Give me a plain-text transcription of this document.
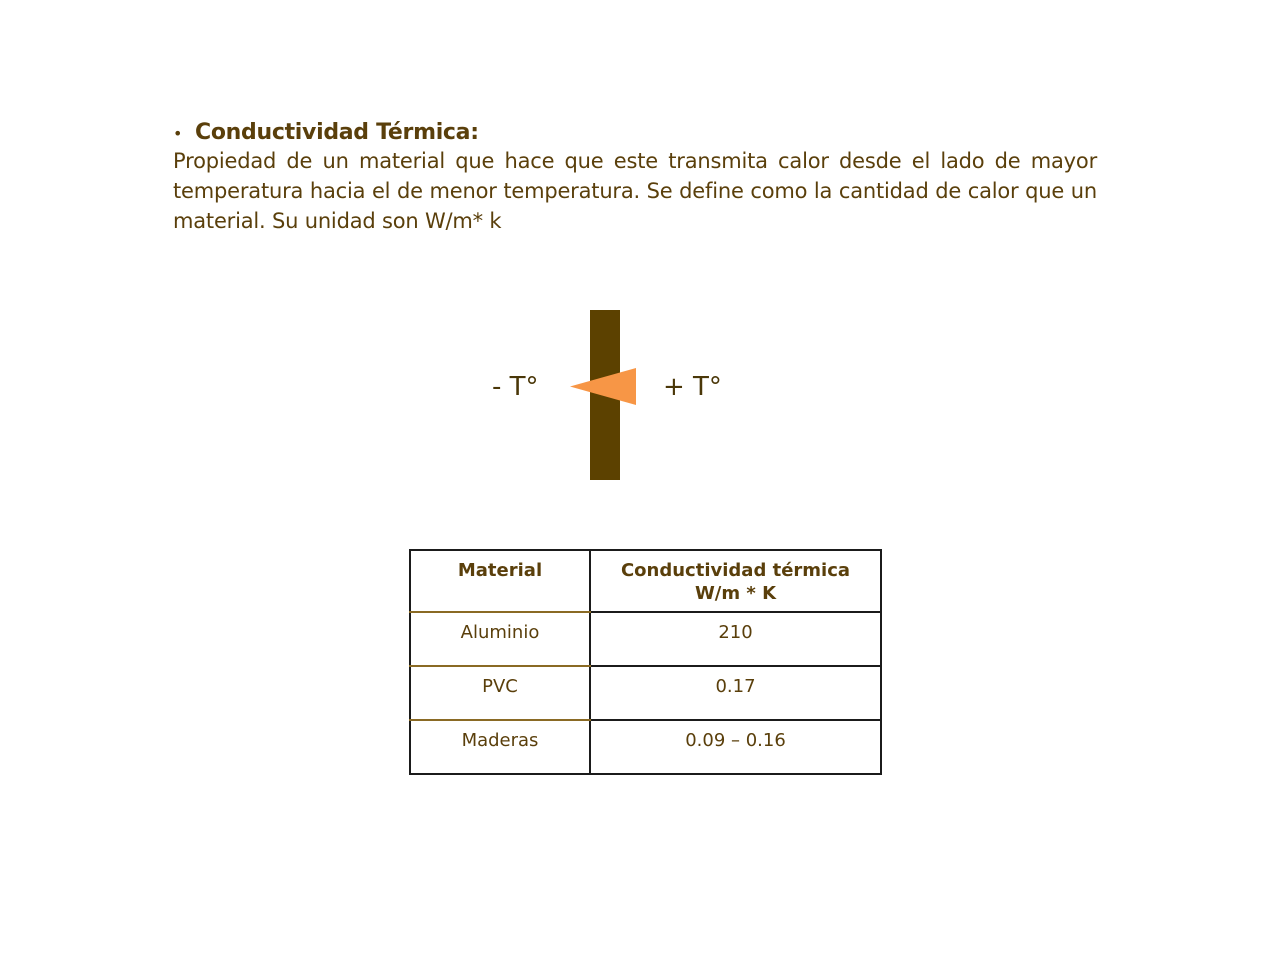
• Conductividad Térmica:

Propiedad de un material que hace que este transmita calor desde el lado de mayor temperatura hacia el de menor temperatura. Se define como la cantidad de calor que un material. Su unidad son W/m* k

- T°	+ T°
Material	Conductividad térmica
W/m * K
Aluminio	210
PVC	0.17
Maderas	0.09 – 0.16
